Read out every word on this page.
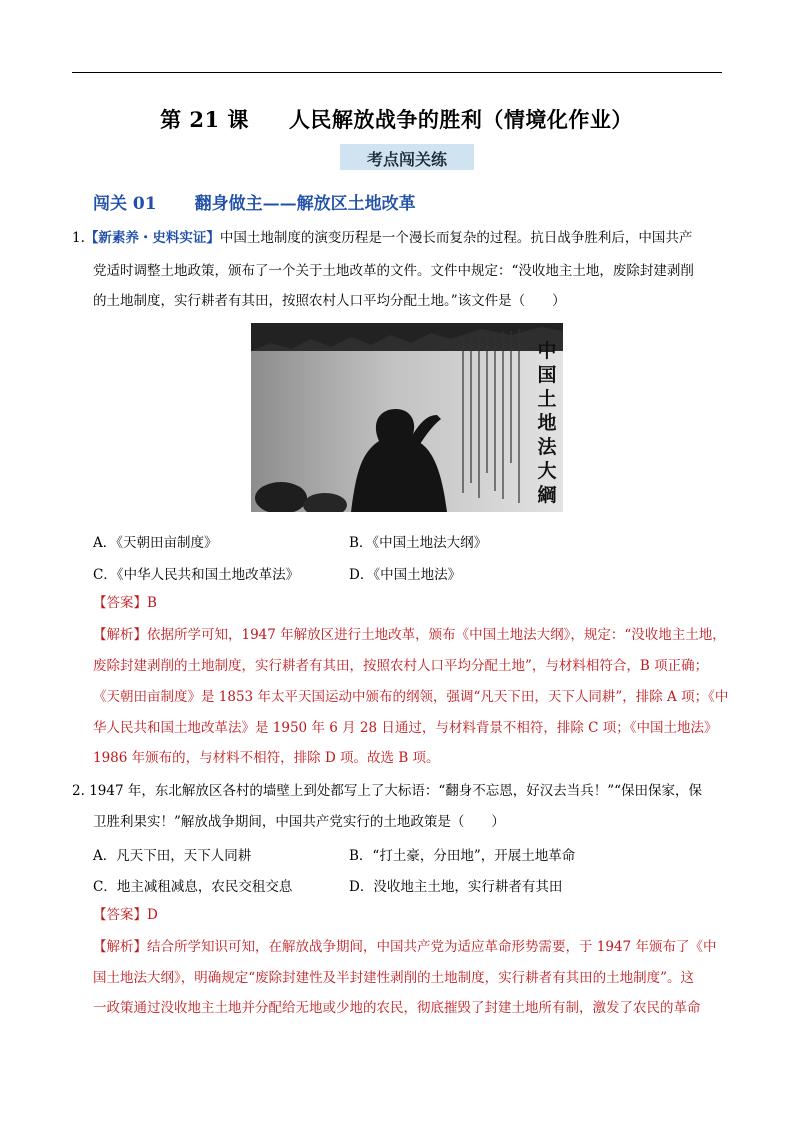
第 21 课 人民解放战争的胜利（情境化作业）
考点闯关练
闯关 01 翻身做主——解放区土地改革
1.【新素养・史料实证】中国土地制度的演变历程是一个漫长而复杂的过程。抗日战争胜利后，中国共产
党适时调整土地政策，颁布了一个关于土地改革的文件。文件中规定：“没收地主土地，废除封建剥削
的土地制度，实行耕者有其田，按照农村人口平均分配土地。”该文件是（　　）
中
国
土
地
法
大
綱
A．《天朝田亩制度》	B．《中国土地法大纲》
C．《中华人民共和国土地改革法》	D．《中国土地法》
【答案】B
【解析】依据所学可知，1947 年解放区进行土地改革，颁布《中国土地法大纲》，规定：“没收地主土地，
废除封建剥削的土地制度，实行耕者有其田，按照农村人口平均分配土地”，与材料相符合，B 项正确；
《天朝田亩制度》是 1853 年太平天国运动中颁布的纲领，强调“凡天下田，天下人同耕”，排除 A 项；《中
华人民共和国土地改革法》是 1950 年 6 月 28 日通过，与材料背景不相符，排除 C 项；《中国土地法》
1986 年颁布的，与材料不相符，排除 D 项。故选 B 项。
2. 1947 年，东北解放区各村的墙壁上到处都写上了大标语：“翻身不忘恩，好汉去当兵！”“保田保家，保
卫胜利果实！”解放战争期间，中国共产党实行的土地政策是（　　）
A．凡天下田，天下人同耕	B．“打土豪，分田地”，开展土地革命
C．地主减租减息，农民交租交息	D．没收地主土地，实行耕者有其田
【答案】D
【解析】结合所学知识可知，在解放战争期间，中国共产党为适应革命形势需要，于 1947 年颁布了《中
国土地法大纲》，明确规定“废除封建性及半封建性剥削的土地制度，实行耕者有其田的土地制度”。这
一政策通过没收地主土地并分配给无地或少地的农民，彻底摧毁了封建土地所有制，激发了农民的革命
